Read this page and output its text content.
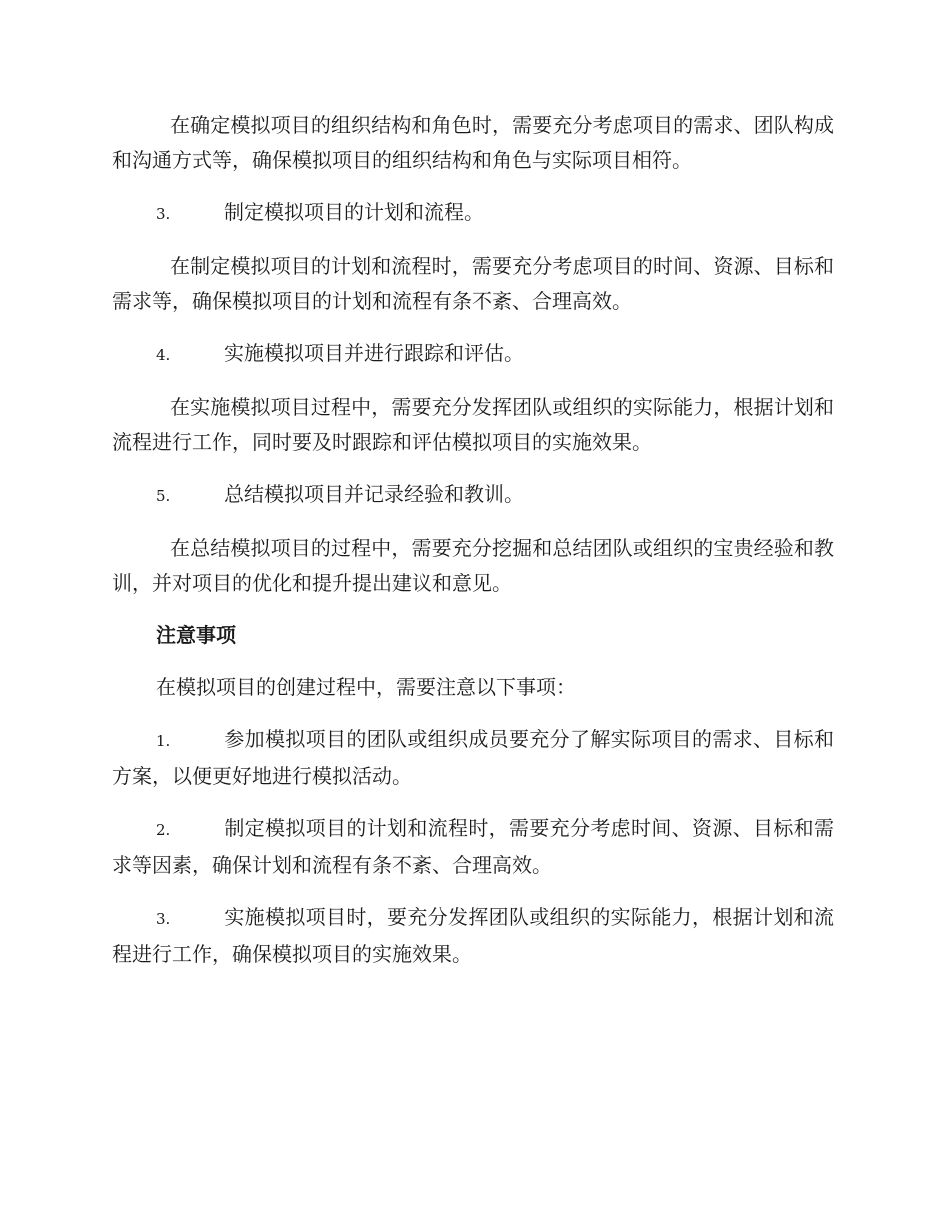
在确定模拟项目的组织结构和角色时，需要充分考虑项目的需求、团队构成和沟通方式等，确保模拟项目的组织结构和角色与实际项目相符。

3.	制定模拟项目的计划和流程。

在制定模拟项目的计划和流程时，需要充分考虑项目的时间、资源、目标和需求等，确保模拟项目的计划和流程有条不紊、合理高效。

4.	实施模拟项目并进行跟踪和评估。

在实施模拟项目过程中，需要充分发挥团队或组织的实际能力，根据计划和流程进行工作，同时要及时跟踪和评估模拟项目的实施效果。

5.	总结模拟项目并记录经验和教训。

在总结模拟项目的过程中，需要充分挖掘和总结团队或组织的宝贵经验和教训，并对项目的优化和提升提出建议和意见。

注意事项

在模拟项目的创建过程中，需要注意以下事项：

1.	参加模拟项目的团队或组织成员要充分了解实际项目的需求、目标和方案，以便更好地进行模拟活动。

2.	制定模拟项目的计划和流程时，需要充分考虑时间、资源、目标和需求等因素，确保计划和流程有条不紊、合理高效。

3.	实施模拟项目时，要充分发挥团队或组织的实际能力，根据计划和流程进行工作，确保模拟项目的实施效果。
